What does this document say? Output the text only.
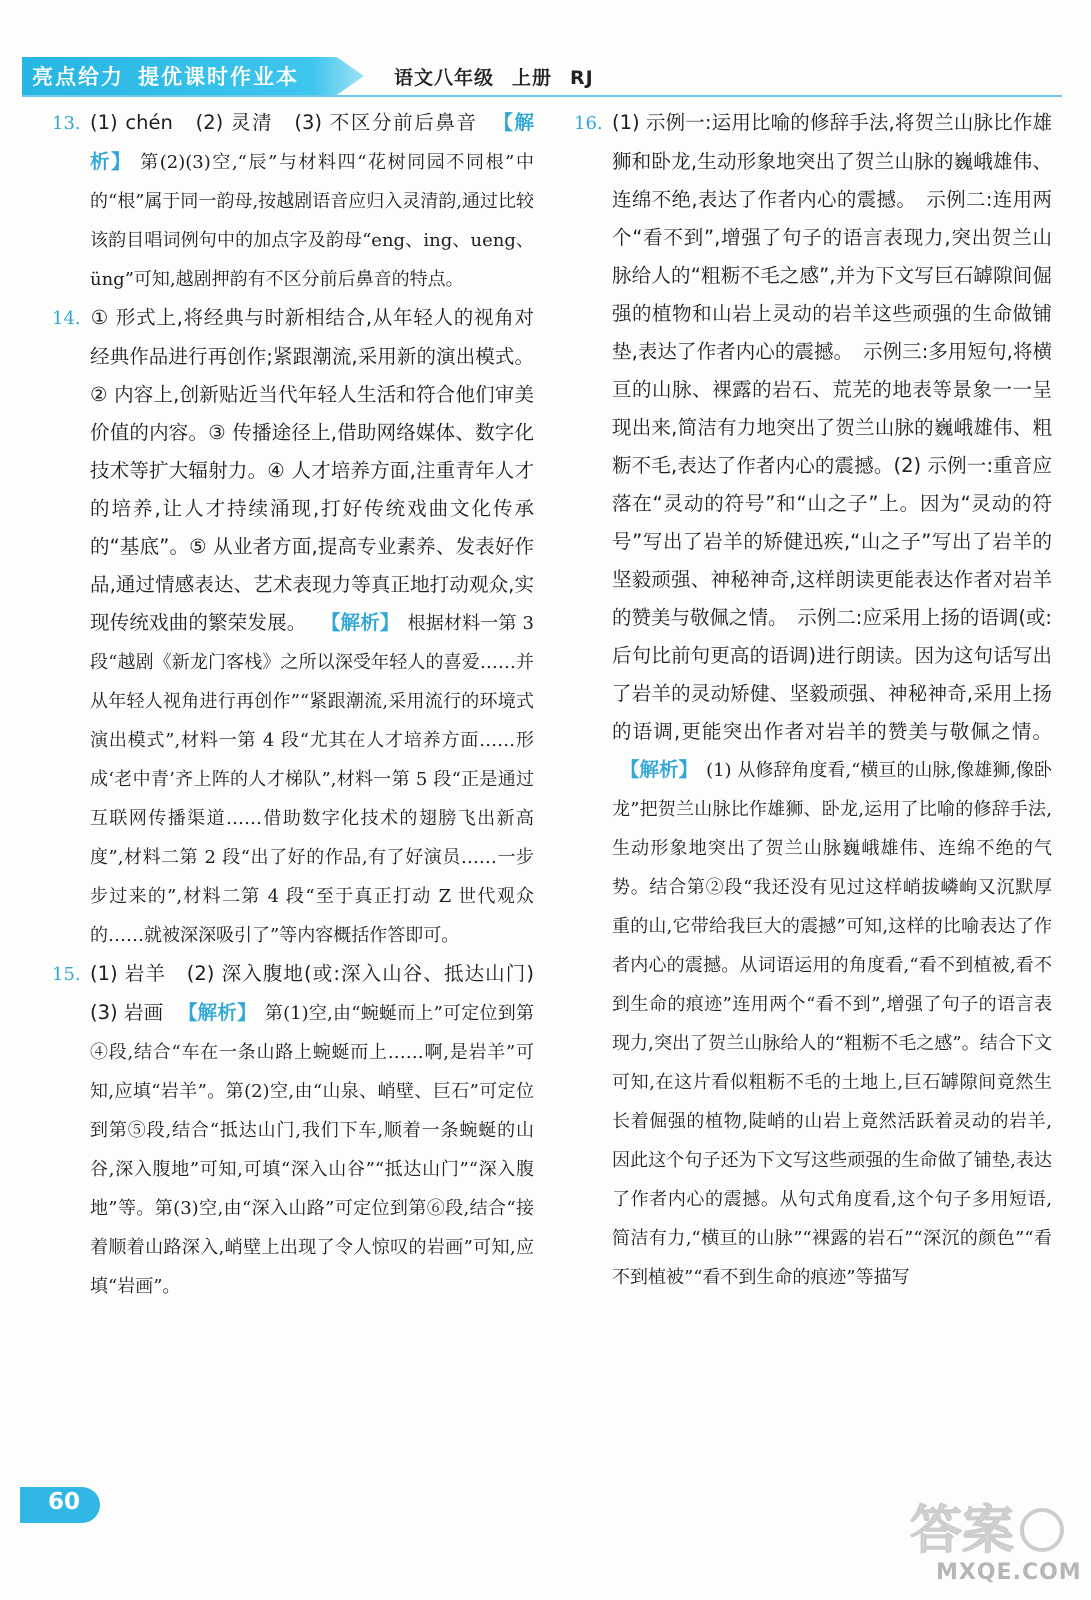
亮点给力 提优课时作业本	语文八年级 上册 RJ

13. (1) chén　(2) 灵清　(3) 不区分前后鼻音 【解析】 第(2)(3)空,“辰”与材料四“花树同园不同根”中的“根”属于同一韵母,按越剧语音应归入灵清韵,通过比较该韵目唱词例句中的加点字及韵母“eng、ing、ueng、üng”可知,越剧押韵有不区分前后鼻音的特点。

14. ① 形式上,将经典与时新相结合,从年轻人的视角对经典作品进行再创作;紧跟潮流,采用新的演出模式。② 内容上,创新贴近当代年轻人生活和符合他们审美价值的内容。③ 传播途径上,借助网络媒体、数字化技术等扩大辐射力。④ 人才培养方面,注重青年人才的培养,让人才持续涌现,打好传统戏曲文化传承的“基底”。⑤ 从业者方面,提高专业素养、发表好作品,通过情感表达、艺术表现力等真正地打动观众,实现传统戏曲的繁荣发展。 【解析】 根据材料一第 3 段“越剧《新龙门客栈》之所以深受年轻人的喜爱……并从年轻人视角进行再创作”“紧跟潮流,采用流行的环境式演出模式”,材料一第 4 段“尤其在人才培养方面……形成‘老中青’齐上阵的人才梯队”,材料一第 5 段“正是通过互联网传播渠道……借助数字化技术的翅膀飞出新高度”,材料二第 2 段“出了好的作品,有了好演员……一步步过来的”,材料二第 4 段“至于真正打动 Z 世代观众的……就被深深吸引了”等内容概括作答即可。

15. (1) 岩羊　(2) 深入腹地(或:深入山谷、抵达山门)　(3) 岩画 【解析】 第(1)空,由“蜿蜒而上”可定位到第④段,结合“车在一条山路上蜿蜒而上……啊,是岩羊”可知,应填“岩羊”。第(2)空,由“山泉、峭壁、巨石”可定位到第⑤段,结合“抵达山门,我们下车,顺着一条蜿蜒的山谷,深入腹地”可知,可填“深入山谷”“抵达山门”“深入腹地”等。第(3)空,由“深入山路”可定位到第⑥段,结合“接着顺着山路深入,峭壁上出现了令人惊叹的岩画”可知,应填“岩画”。

16. (1) 示例一:运用比喻的修辞手法,将贺兰山脉比作雄狮和卧龙,生动形象地突出了贺兰山脉的巍峨雄伟、连绵不绝,表达了作者内心的震撼。　示例二:连用两个“看不到”,增强了句子的语言表现力,突出贺兰山脉给人的“粗粝不毛之感”,并为下文写巨石罅隙间倔强的植物和山岩上灵动的岩羊这些顽强的生命做铺垫,表达了作者内心的震撼。　示例三:多用短句,将横亘的山脉、裸露的岩石、荒芜的地表等景象一一呈现出来,简洁有力地突出了贺兰山脉的巍峨雄伟、粗粝不毛,表达了作者内心的震撼。(2) 示例一:重音应落在“灵动的符号”和“山之子”上。因为“灵动的符号”写出了岩羊的矫健迅疾,“山之子”写出了岩羊的坚毅顽强、神秘神奇,这样朗读更能表达作者对岩羊的赞美与敬佩之情。　示例二:应采用上扬的语调(或:后句比前句更高的语调)进行朗读。因为这句话写出了岩羊的灵动矫健、坚毅顽强、神秘神奇,采用上扬的语调,更能突出作者对岩羊的赞美与敬佩之情。 【解析】 (1) 从修辞角度看,“横亘的山脉,像雄狮,像卧龙”把贺兰山脉比作雄狮、卧龙,运用了比喻的修辞手法,生动形象地突出了贺兰山脉巍峨雄伟、连绵不绝的气势。结合第②段“我还没有见过这样峭拔嶙峋又沉默厚重的山,它带给我巨大的震撼”可知,这样的比喻表达了作者内心的震撼。从词语运用的角度看,“看不到植被,看不到生命的痕迹”连用两个“看不到”,增强了句子的语言表现力,突出了贺兰山脉给人的“粗粝不毛之感”。结合下文可知,在这片看似粗粝不毛的土地上,巨石罅隙间竟然生长着倔强的植物,陡峭的山岩上竟然活跃着灵动的岩羊,因此这个句子还为下文写这些顽强的生命做了铺垫,表达了作者内心的震撼。从句式角度看,这个句子多用短语,简洁有力,“横亘的山脉”“裸露的岩石”“深沉的颜色”“看不到植被”“看不到生命的痕迹”等描写

60	答案
MXQE.COM
